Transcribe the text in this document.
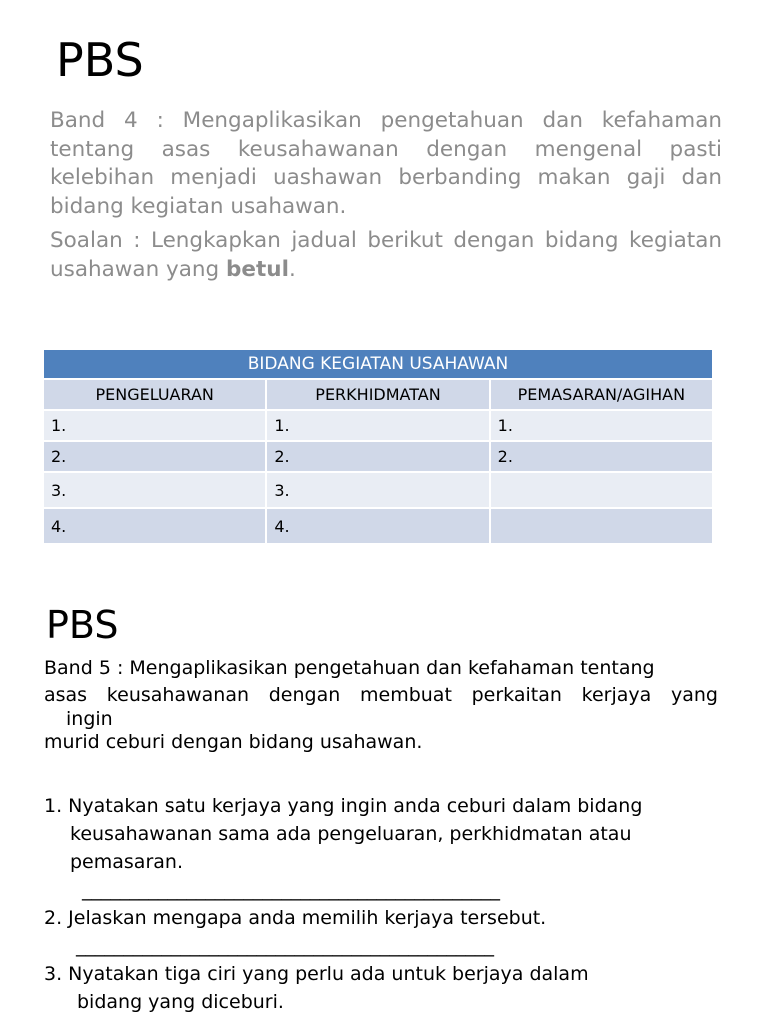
PBS

Band 4 : Mengaplikasikan pengetahuan dan kefahaman tentang asas keusahawanan dengan mengenal pasti kelebihan menjadi uashawan berbanding makan gaji dan bidang kegiatan usahawan.

Soalan : Lengkapkan jadual berikut dengan bidang kegiatan usahawan yang betul.

BIDANG KEGIATAN USAHAWAN		
PENGELUARAN	PERKHIDMATAN	PEMASARAN/AGIHAN
1.	1.	1.
2.	2.	2.
3.	3.	
4.	4.	
PBS
Band 5 : Mengaplikasikan pengetahuan dan kefahaman tentang
asas keusahawanan dengan membuat perkaitan kerjaya yang
ingin
murid ceburi dengan bidang usahawan.
1. Nyatakan satu kerjaya yang ingin anda ceburi dalam bidang
keusahawanan sama ada pengeluaran, perkhidmatan atau
pemasaran.
____________________________________________
2. Jelaskan mengapa anda memilih kerjaya tersebut.
____________________________________________
3. Nyatakan tiga ciri yang perlu ada untuk berjaya dalam
bidang yang diceburi.
